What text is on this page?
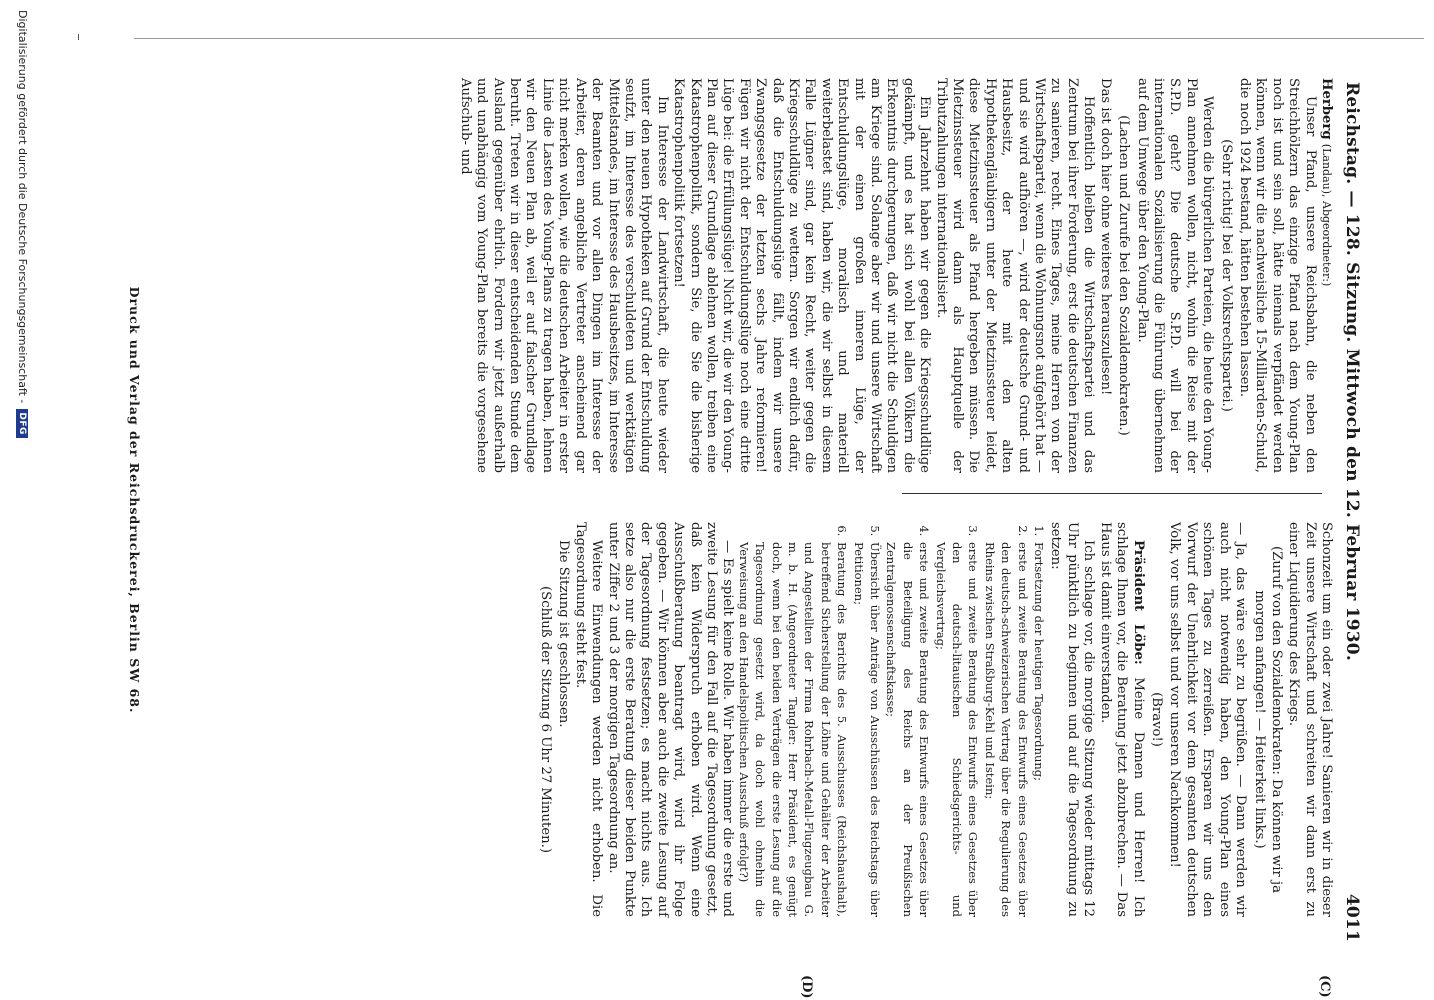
Reichstag. — 128. Sitzung. Mittwoch den 12. Februar 1930.
4011
(C)
(D)

Herberg (Landau), Abgeordneter:)

Unser Pfand, unsere Reichsbahn, die neben den Streichhölzern das einzige Pfand nach dem Young-Plan noch ist und sein soll, hätte niemals verpfändet werden können, wenn wir die nachweisliche 15-Milliarden-Schuld, die noch 1924 bestand, hätten bestehen lassen.

(Sehr richtig! bei der Volksrechtspartei.)

Werden die bürgerlichen Parteien, die heute den Young-Plan annehmen wollen, nicht, wohin die Reise mit der S.P.D. geht? Die deutsche S.P.D. will bei der internationalen Sozialisierung die Führung übernehmen auf dem Umwege über den Young-Plan.

(Lachen und Zurufe bei den Sozialdemokraten.)

Das ist doch hier ohne weiteres herauszulesen!

Hoffentlich bleiben die Wirtschaftspartei und das Zentrum bei ihrer Forderung, erst die deutschen Finanzen zu sanieren, recht. Eines Tages, meine Herren von der Wirtschaftspartei, wenn die Wohnungsnot aufgehört hat — und sie wird aufhören —, wird der deutsche Grund- und Hausbesitz, der heute mit den alten Hypothekengläubigern unter der Mietzinssteuer leidet, diese Mietzinssteuer als Pfand hergeben müssen. Die Mietzinssteuer wird dann als Hauptquelle der Tributzahlungen internationalisiert.

Ein Jahrzehnt haben wir gegen die Kriegsschuldlüge gekämpft, und es hat sich wohl bei allen Völkern die Erkenntnis durchgerungen, daß wir nicht die Schuldigen am Kriege sind. Solange aber wir und unsere Wirtschaft mit der einen großen inneren Lüge, der Entschuldungslüge, moralisch und materiell weiterbelastet sind, haben wir, die wir selbst in diesem Falle Lügner sind, gar kein Recht, weiter gegen die Kriegsschuldlüge zu wettern. Sorgen wir endlich dafür, daß die Entschuldungslüge fällt, indem wir unsere Zwangsgesetze der letzten sechs Jahre reformieren! Fügen wir nicht der Entschuldungslüge noch eine dritte Lüge bei: die Erfüllungslüge! Nicht wir, die wir den Young-Plan auf dieser Grundlage ablehnen wollen, treiben eine Katastrophenpolitik, sondern Sie, die Sie die bisherige Katastrophenpolitik fortsetzen!

Im Interesse der Landwirtschaft, die heute wieder unter den neuen Hypotheken auf Grund der Entschuldung seufzt, im Interesse des verschuldeten und werktätigen Mittelstandes, im Interesse des Hausbesitzes, im Interesse der Beamten und vor allen Dingen im Interesse der Arbeiter, deren angebliche Vertreter anscheinend gar nicht merken wollen, wie die deutschen Arbeiter in erster Linie die Lasten des Young-Plans zu tragen haben, lehnen wir den Neuen Plan ab, weil er auf falscher Grundlage beruht. Treten wir in dieser entscheidenden Stunde dem Ausland gegenüber ehrlich. Fordern wir jetzt außerhalb und unabhängig vom Young-Plan bereits die vorgesehene Aufschub- und

Schonzeit um ein oder zwei Jahre! Sanieren wir in dieser Zeit unsere Wirtschaft und schreiten wir dann erst zu einer Liquidierung des Kriegs.

(Zuruf von den Sozialdemokraten: Da können wir ja morgen anfangen! — Heiterkeit links.)

— Ja, das wäre sehr zu begrüßen. — Dann werden wir auch nicht notwendig haben, den Young-Plan eines schönen Tages zu zerreißen. Ersparen wir uns den Vorwurf der Unehrlichkeit vor dem gesamten deutschen Volk, vor uns selbst und vor unseren Nachkommen!

(Bravo!)

Präsident Löbe: Meine Damen und Herren! Ich schlage Ihnen vor, die Beratung jetzt abzubrechen. — Das Haus ist damit einverstanden.

Ich schlage vor, die morgige Sitzung wieder mittags 12 Uhr pünktlich zu beginnen und auf die Tagesordnung zu setzen:

1. Fortsetzung der heutigen Tagesordnung;
2. erste und zweite Beratung des Entwurfs eines Gesetzes über den deutsch-schweizerischen Vertrag über die Regulierung des Rheins zwischen Straßburg-Kehl und Istein;
3. erste und zweite Beratung des Entwurfs eines Gesetzes über den deutsch-litauischen Schiedsgerichts- und Vergleichsvertrag;
4. erste und zweite Beratung des Entwurfs eines Gesetzes über die Beteiligung des Reichs an der Preußischen Zentralgenossenschaftskasse;
5. Übersicht über Anträge von Ausschüssen des Reichstags über Petitionen;
6. Beratung des Berichts des 5. Ausschusses (Reichshaushalt), betreffend Sicherstellung der Löhne und Gehälter der Arbeiter und Angestellten der Firma Rohrbach-Metall-Flugzeugbau G. m. b. H. (Angeordneter Tangler: Herr Präsident, es genügt doch, wenn bei den beiden Verträgen die erste Lesung auf die Tagesordnung gesetzt wird, da doch wohl ohnehin die Verweisung an den Handelspolitischen Ausschuß erfolgt?)

— Es spielt keine Rolle. Wir haben immer die erste und zweite Lesung für den Fall auf die Tagesordnung gesetzt, daß kein Widerspruch erhoben wird. Wenn eine Ausschußberatung beantragt wird, wird ihr Folge gegeben. — Wir können aber auch die zweite Lesung auf der Tagesordnung festsetzen; es macht nichts aus. Ich setze also nur die erste Beratung dieser beiden Punkte unter Ziffer 2 und 3 der morgigen Tagesordnung an.

Weitere Einwendungen werden nicht erhoben. Die Tagesordnung steht fest.

Die Sitzung ist geschlossen.

(Schluß der Sitzung 6 Uhr 27 Minuten.)

Druck und Verlag der Reichsdruckerei, Berlin SW 68.
Digitalisierung gefördert durch die Deutsche Forschungsgemeinschaft -
DFG
